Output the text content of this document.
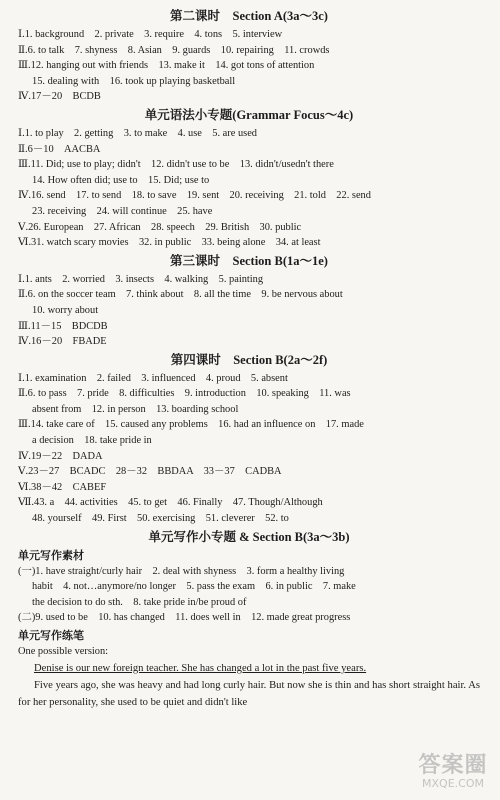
第二课时　Section A(3a～3c)
Ⅰ.1. background　2. private　3. require　4. tons　5. interview
Ⅱ.6. to talk　7. shyness　8. Asian　9. guards　10. repairing　11. crowds
Ⅲ.12. hanging out with friends　13. make it　14. got tons of attention
15. dealing with　16. took up playing basketball
Ⅳ.17－20　BCDB
单元语法小专题(Grammar Focus～4c)
Ⅰ.1. to play　2. getting　3. to make　4. use　5. are used
Ⅱ.6－10　AACBA
Ⅲ.11. Did; use to play; didn't　12. didn't use to be　13. didn't/usedn't there
14. How often did; use to　15. Did; use to
Ⅳ.16. send　17. to send　18. to save　19. sent　20. receiving　21. told　22. send
23. receiving　24. will continue　25. have
Ⅴ.26. European　27. African　28. speech　29. British　30. public
Ⅵ.31. watch scary movies　32. in public　33. being alone　34. at least
第三课时　Section B(1a～1e)
Ⅰ.1. ants　2. worried　3. insects　4. walking　5. painting
Ⅱ.6. on the soccer team　7. think about　8. all the time　9. be nervous about
10. worry about
Ⅲ.11－15　BDCDB
Ⅳ.16－20　FBADE
第四课时　Section B(2a～2f)
Ⅰ.1. examination　2. failed　3. influenced　4. proud　5. absent
Ⅱ.6. to pass　7. pride　8. difficulties　9. introduction　10. speaking　11. was
absent from　12. in person　13. boarding school
Ⅲ.14. take care of　15. caused any problems　16. had an influence on　17. made
a decision　18. take pride in
Ⅳ.19－22　DADA
Ⅴ.23－27　BCADC　28－32　BBDAA　33－37　CADBA
Ⅵ.38－42　CABEF
Ⅶ.43. a　44. activities　45. to get　46. Finally　47. Though/Although
48. yourself　49. First　50. exercising　51. cleverer　52. to
单元写作小专题 & Section B(3a～3b)
单元写作素材
(一)1. have straight/curly hair　2. deal with shyness　3. form a healthy living
habit　4. not…anymore/no longer　5. pass the exam　6. in public　7. make
the decision to do sth.　8. take pride in/be proud of
(二)9. used to be　10. has changed　11. does well in　12. made great progress
单元写作练笔
One possible version:
Denise is our new foreign teacher. She has changed a lot in the past five years.
Five years ago, she was heavy and had long curly hair. But now she is thin and has short straight hair. As for her personality, she used to be quiet and didn't like
答案圈
MXQE.COM
